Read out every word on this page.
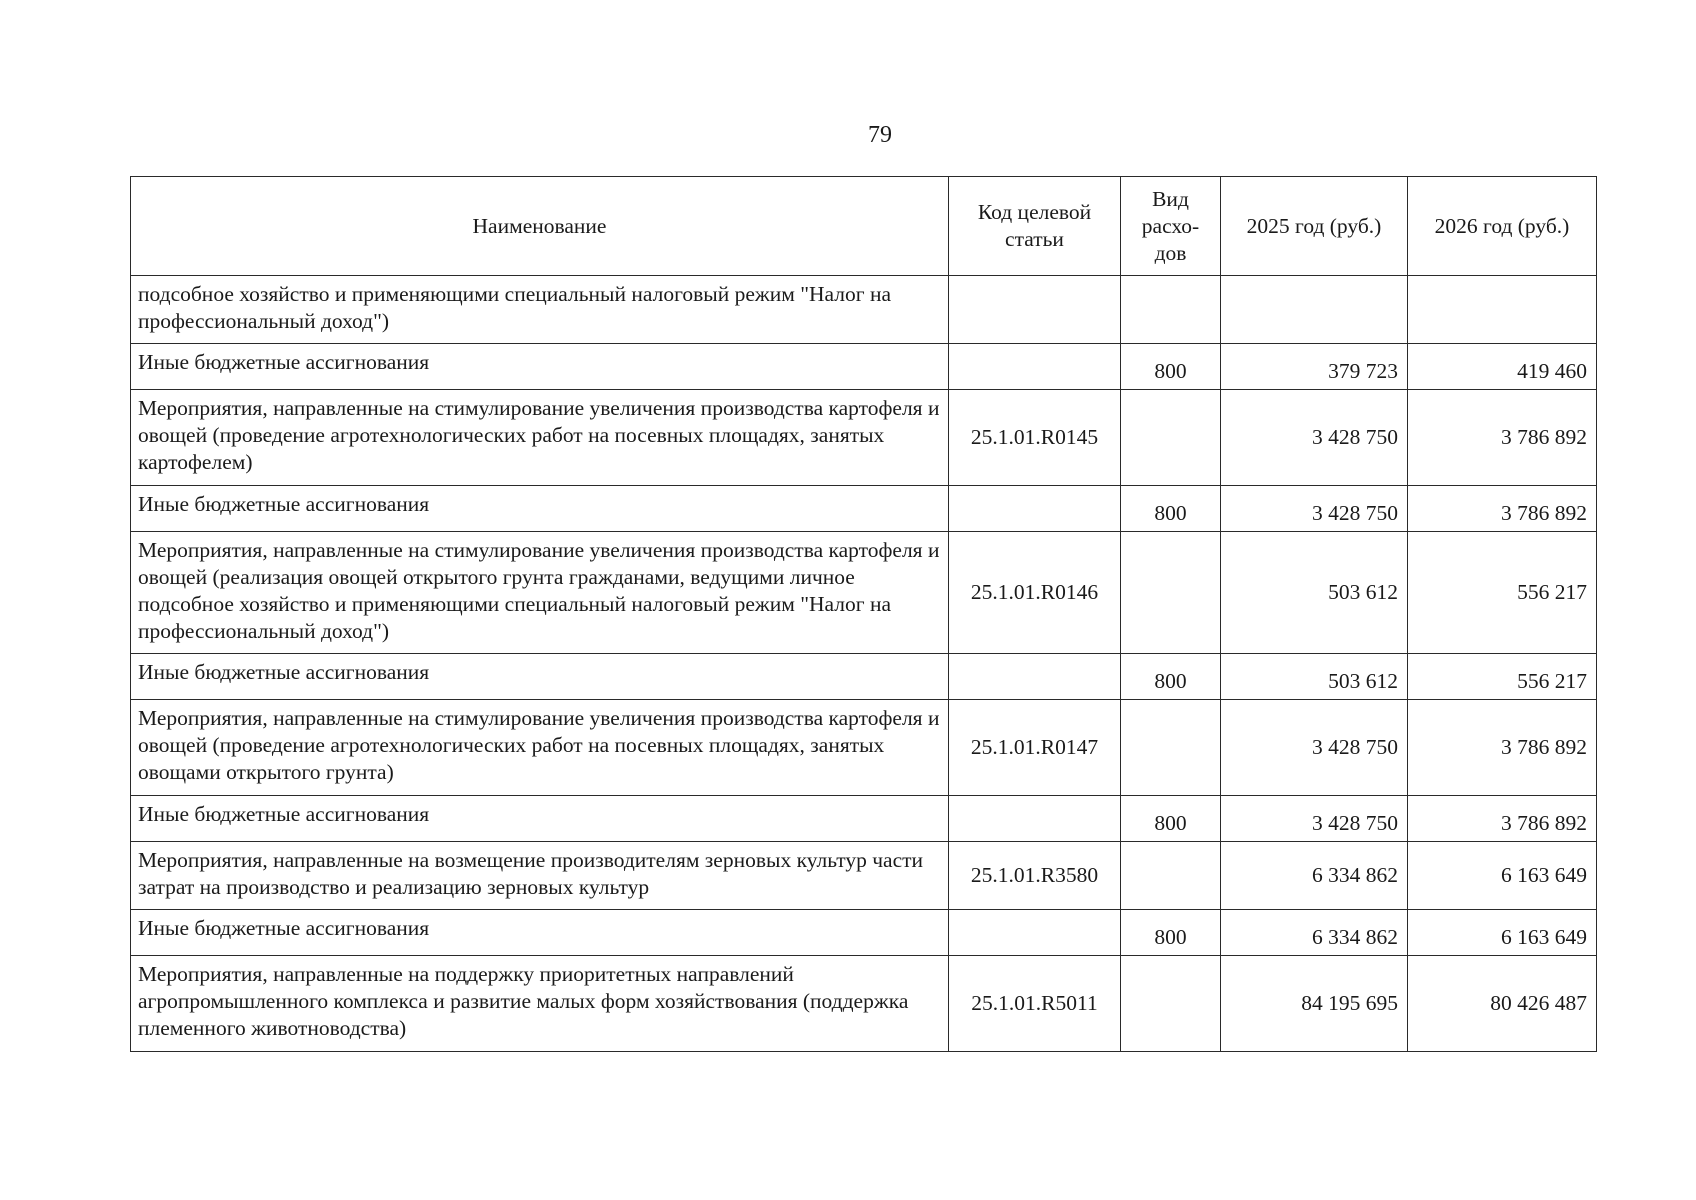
79
Наименование	Код целевой статьи	Вид расхо-дов	2025 год (руб.)	2026 год (руб.)
подсобное хозяйство и применяющими специальный налоговый режим "Налог на профессиональный доход")				
Иные бюджетные ассигнования		800	379 723	419 460
Мероприятия, направленные на стимулирование увеличения производства картофеля и овощей (проведение агротехнологических работ на посевных площадях, занятых картофелем)	25.1.01.R0145		3 428 750	3 786 892
Иные бюджетные ассигнования		800	3 428 750	3 786 892
Мероприятия, направленные на стимулирование увеличения производства картофеля и овощей (реализация овощей открытого грунта гражданами, ведущими личное подсобное хозяйство и применяющими специальный налоговый режим "Налог на профессиональный доход")	25.1.01.R0146		503 612	556 217
Иные бюджетные ассигнования		800	503 612	556 217
Мероприятия, направленные на стимулирование увеличения производства картофеля и овощей (проведение агротехнологических работ на посевных площадях, занятых овощами открытого грунта)	25.1.01.R0147		3 428 750	3 786 892
Иные бюджетные ассигнования		800	3 428 750	3 786 892
Мероприятия, направленные на возмещение производителям зерновых культур части затрат на производство и реализацию зерновых культур	25.1.01.R3580		6 334 862	6 163 649
Иные бюджетные ассигнования		800	6 334 862	6 163 649
Мероприятия, направленные на поддержку приоритетных направлений агропромышленного комплекса и развитие малых форм хозяйствования (поддержка племенного животноводства)	25.1.01.R5011		84 195 695	80 426 487
